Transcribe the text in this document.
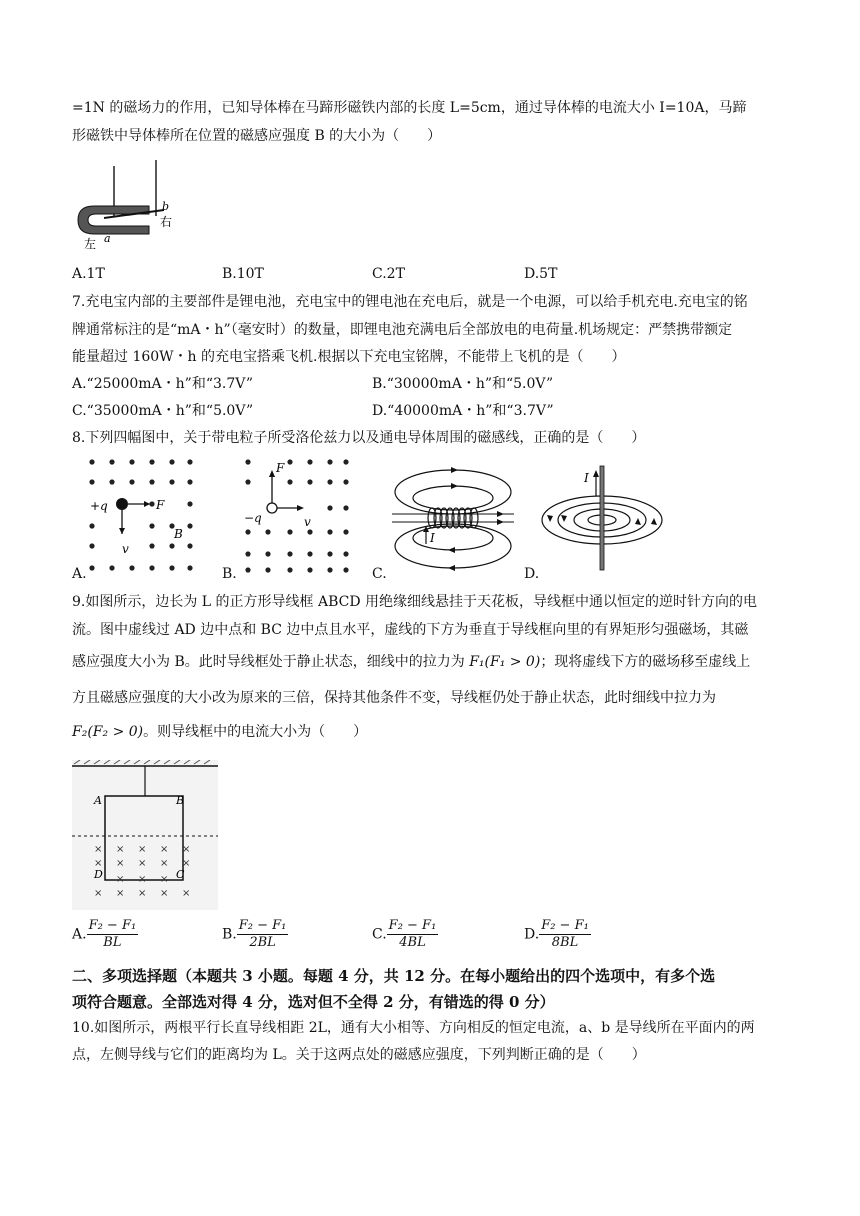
=1N 的磁场力的作用，已知导体棒在马蹄形磁铁内部的长度 L=5cm，通过导体棒的电流大小 I=10A，马蹄
形磁铁中导体棒所在位置的磁感应强度 B 的大小为（　　）
b
右
左 a
A.1T	B.10T	C.2T	D.5T
7.充电宝内部的主要部件是锂电池，充电宝中的锂电池在充电后，就是一个电源，可以给手机充电.充电宝的铭
牌通常标注的是“mA・h”（毫安时）的数量，即锂电池充满电后全部放电的电荷量.机场规定：严禁携带额定
能量超过 160W・h 的充电宝搭乘飞机.根据以下充电宝铭牌，不能带上飞机的是（　　）
A.“25000mA・h”和“3.7V”	B.“30000mA・h”和“5.0V”
C.“35000mA・h”和“5.0V”	D.“40000mA・h”和“3.7V”
8.下列四幅图中，关于带电粒子所受洛伦兹力以及通电导体周围的磁感线，正确的是（　　）
+q	F
v
B
A.
F
−q	v
B.
I
C.
I
D.
9.如图所示，边长为 L 的正方形导线框 ABCD 用绝缘细线悬挂于天花板，导线框中通以恒定的逆时针方向的电
流。图中虚线过 AD 边中点和 BC 边中点且水平，虚线的下方为垂直于导线框向里的有界矩形匀强磁场，其磁
感应强度大小为 B。此时导线框处于静止状态，细线中的拉力为 F₁(F₁ > 0)；现将虚线下方的磁场移至虚线上
方且磁感应强度的大小改为原来的三倍，保持其他条件不变，导线框仍处于静止状态，此时细线中拉力为
F₂(F₂ > 0)。则导线框中的电流大小为（　　）
× × × × ×
× × × × ×
× × ×
× × × × ×
A	B
D	C
A. $\frac{\text{F₂ − F₁}}{BL}$	B. $\frac{\text{F₂ − F₁}}{2BL}$	C. $\frac{\text{F₂ − F₁}}{4BL}$	D. $\frac{\text{F₂ − F₁}}{8BL}$
二、多项选择题（本题共 3 小题。每题 4 分，共 12 分。在每小题给出的四个选项中，有多个选
项符合题意。全部选对得 4 分，选对但不全得 2 分，有错选的得 0 分）
10.如图所示，两根平行长直导线相距 2L，通有大小相等、方向相反的恒定电流，a、b 是导线所在平面内的两
点，左侧导线与它们的距离均为 L。关于这两点处的磁感应强度，下列判断正确的是（　　）
